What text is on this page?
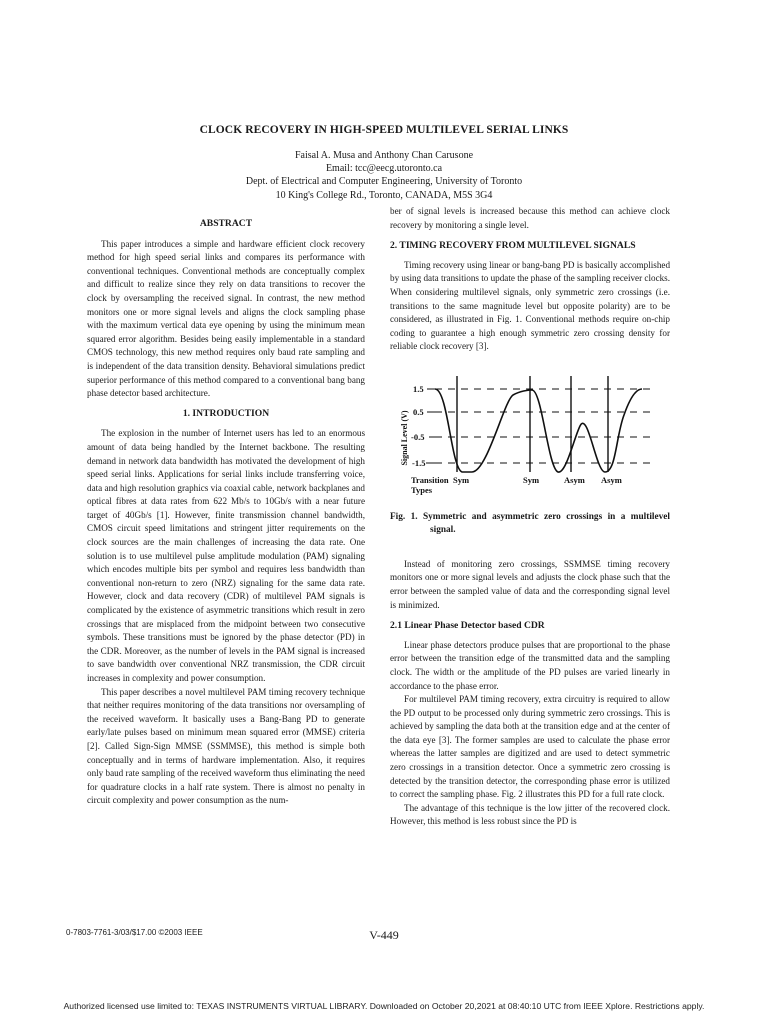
CLOCK RECOVERY IN HIGH-SPEED MULTILEVEL SERIAL LINKS
Faisal A. Musa and Anthony Chan Carusone
Email: tcc@eecg.utoronto.ca
Dept. of Electrical and Computer Engineering, University of Toronto
10 King's College Rd., Toronto, CANADA, M5S 3G4
ABSTRACT

This paper introduces a simple and hardware efficient clock recovery method for high speed serial links and compares its performance with conventional techniques. Conventional methods are conceptually complex and difficult to realize since they rely on data transitions to recover the clock by oversampling the received signal. In contrast, the new method monitors one or more signal levels and aligns the clock sampling phase with the maximum vertical data eye opening by using the minimum mean squared error algorithm. Besides being easily implementable in a standard CMOS technology, this new method requires only baud rate sampling and is independent of the data transition density. Behavioral simulations predict superior performance of this method compared to a conventional bang bang phase detector based architecture.

1. INTRODUCTION

The explosion in the number of Internet users has led to an enormous amount of data being handled by the Internet backbone. The resulting demand in network data bandwidth has motivated the development of high speed serial links. Applications for serial links include transferring voice, data and high resolution graphics via coaxial cable, network backplanes and optical fibres at data rates from 622 Mb/s to 10Gb/s with a near future target of 40Gb/s [1]. However, finite transmission channel bandwidth, CMOS circuit speed limitations and stringent jitter requirements on the clock sources are the main challenges of increasing the data rate. One solution is to use multilevel pulse amplitude modulation (PAM) signaling which encodes multiple bits per symbol and requires less bandwidth than conventional non-return to zero (NRZ) signaling for the same data rate. However, clock and data recovery (CDR) of multilevel PAM signals is complicated by the existence of asymmetric transitions which result in zero crossings that are misplaced from the midpoint between two consecutive symbols. These transitions must be ignored by the phase detector (PD) in the CDR. Moreover, as the number of levels in the PAM signal is increased to save bandwidth over conventional NRZ transmission, the CDR circuit increases in complexity and power consumption.

This paper describes a novel multilevel PAM timing recovery technique that neither requires monitoring of the data transitions nor oversampling of the received waveform. It basically uses a Bang-Bang PD to generate early/late pulses based on minimum mean squared error (MMSE) criteria [2]. Called Sign-Sign MMSE (SSMMSE), this method is simple both conceptually and in terms of hardware implementation. Also, it requires only baud rate sampling of the received waveform thus eliminating the need for quadrature clocks in a half rate system. There is almost no penalty in circuit complexity and power consumption as the num-

ber of signal levels is increased because this method can achieve clock recovery by monitoring a single level.

2. TIMING RECOVERY FROM MULTILEVEL SIGNALS

Timing recovery using linear or bang-bang PD is basically accomplished by using data transitions to update the phase of the sampling receiver clocks. When considering multilevel signals, only symmetric zero crossings (i.e. transitions to the same magnitude level but opposite polarity) are to be considered, as illustrated in Fig. 1. Conventional methods require on-chip coding to guarantee a high enough symmetric zero crossing density for reliable clock recovery [3].

Signal Level (V)
1.5
0.5
-0.5
-1.5
Transition
Types
Sym	Sym	Asym Asym
Fig. 1. Symmetric and asymmetric zero crossings in a multilevel signal.

Instead of monitoring zero crossings, SSMMSE timing recovery monitors one or more signal levels and adjusts the clock phase such that the error between the sampled value of data and the corresponding signal level is minimized.

2.1 Linear Phase Detector based CDR

Linear phase detectors produce pulses that are proportional to the phase error between the transition edge of the transmitted data and the sampling clock. The width or the amplitude of the PD pulses are varied linearly in accordance to the phase error.

For multilevel PAM timing recovery, extra circuitry is required to allow the PD output to be processed only during symmetric zero crossings. This is achieved by sampling the data both at the transition edge and at the center of the data eye [3]. The former samples are used to calculate the phase error whereas the latter samples are digitized and are used to detect symmetric zero crossings in a transition detector. Once a symmetric zero crossing is detected by the transition detector, the corresponding phase error is utilized to correct the sampling phase. Fig. 2 illustrates this PD for a full rate clock.

The advantage of this technique is the low jitter of the recovered clock. However, this method is less robust since the PD is

0-7803-7761-3/03/$17.00 ©2003 IEEE	V-449
Authorized licensed use limited to: TEXAS INSTRUMENTS VIRTUAL LIBRARY. Downloaded on October 20,2021 at 08:40:10 UTC from IEEE Xplore. Restrictions apply.
